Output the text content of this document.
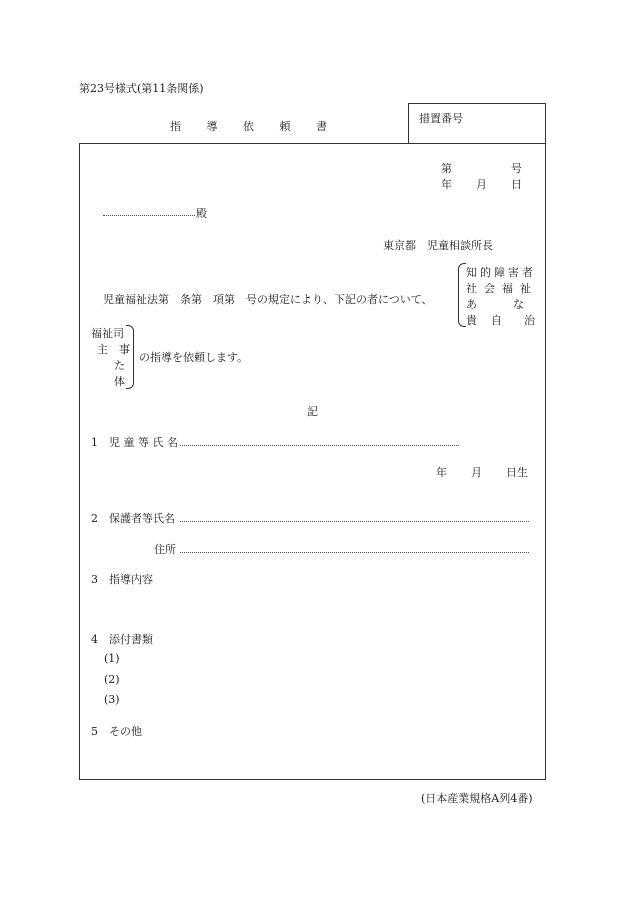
第23号様式(第11条関係)
指 導 依 頼 書
措置番号
第	号
年 月 日
殿
東京都　児童相談所長
児童福祉法第　条第　項第　号の規定により、下記の者について、
知 的 障 害 者
社 会 福 祉
あ	な
貴 自 治
福祉司
主　事
た
体
の指導を依頼します。
記
1　児 童 等 氏 名
年 月 日生
2　保護者等氏名
住所
3　指導内容
4　添付書類
(1)
(2)
(3)
5　その他
(日本産業規格A列4番)
